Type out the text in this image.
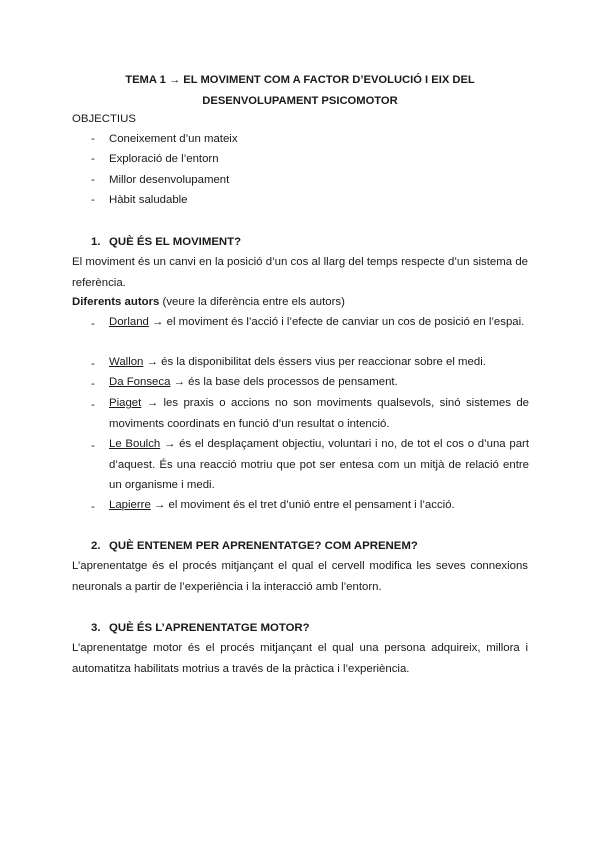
TEMA 1 → EL MOVIMENT COM A FACTOR D’EVOLUCIÓ I EIX DEL
DESENVOLUPAMENT PSICOMOTOR
OBJECTIUS
- Coneixement d’un mateix
- Exploració de l’entorn
- Millor desenvolupament
- Hàbit saludable
1. QUÈ ÉS EL MOVIMENT?
El moviment és un canvi en la posició d’un cos al llarg del temps respecte d’un sistema de referència.
Diferents autors (veure la diferència entre els autors)
- Dorland → el moviment és l’acció i l’efecte de canviar un cos de posició en l’espai.
- Wallon → és la disponibilitat dels éssers vius per reaccionar sobre el medi.
- Da Fonseca → és la base dels processos de pensament.
- Piaget → les praxis o accions no son moviments qualsevols, sinó sistemes de moviments coordinats en funció d’un resultat o intenció.
- Le Boulch → és el desplaçament objectiu, voluntari i no, de tot el cos o d’una part d’aquest. És una reacció motriu que pot ser entesa com un mitjà de relació entre un organisme i medi.
- Lapierre → el moviment és el tret d’unió entre el pensament i l’acció.
2. QUÈ ENTENEM PER APRENENTATGE? COM APRENEM?
L’aprenentatge és el procés mitjançant el qual el cervell modifica les seves connexions neuronals a partir de l’experiència i la interacció amb l’entorn.
3. QUÈ ÉS L’APRENENTATGE MOTOR?
L’aprenentatge motor és el procés mitjançant el qual una persona adquireix, millora i automatitza habilitats motrius a través de la pràctica i l’experiència.
